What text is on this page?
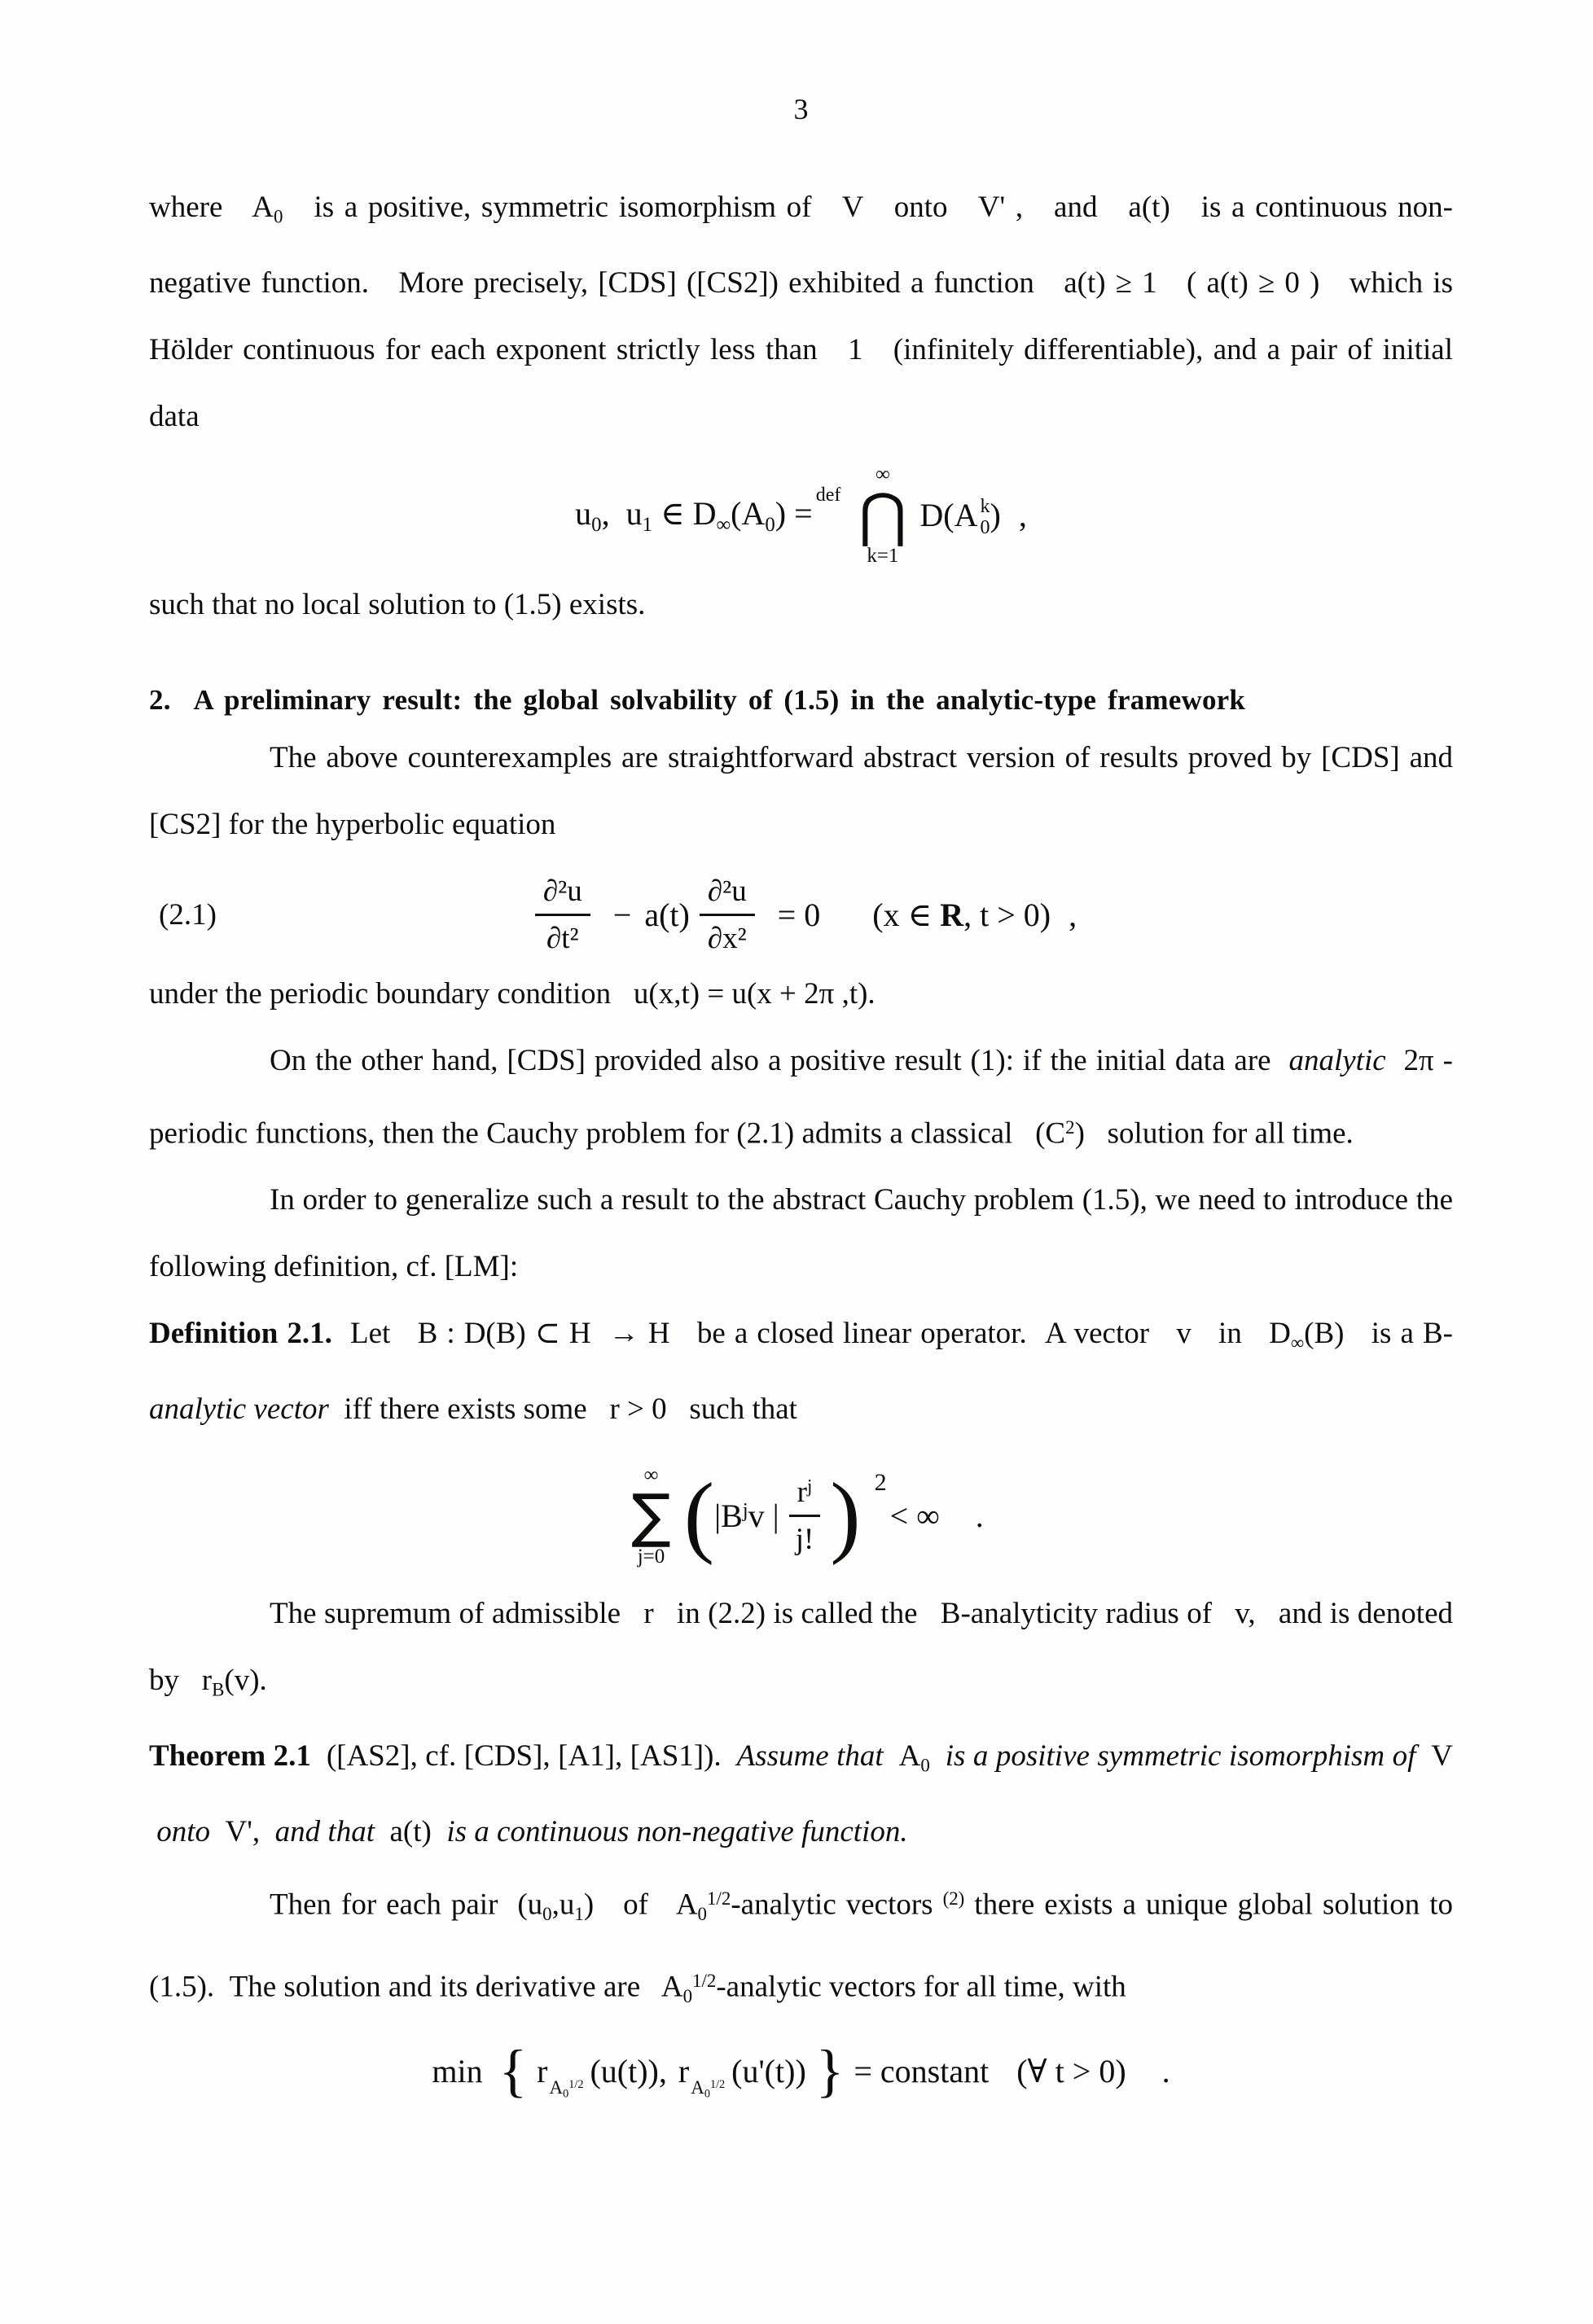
3

where   $A_0$   is a positive, symmetric isomorphism of   V   onto   V' ,   and   a(t)   is a continuous non-negative function.   More precisely, [CDS] ([CS2]) exhibited a function   a(t) ≥ 1   ( a(t) ≥ 0 )   which is Hölder continuous for each exponent strictly less than   1   (infinitely differentiable), and a pair of initial data

$u_0$,  $u_1$ ∈ $D_\infty(A_0)$ = def
∞
⋂
k=1
D(A k
0 ) ,

such that no local solution to (1.5) exists.

2.  A preliminary result: the global solvability of (1.5) in the analytic-type framework

The above counterexamples are straightforward abstract version of results proved by [CDS] and [CS2] for the hyperbolic equation

(2.1)	$\frac{\text{∂²u}}{\text{∂t²}} - a(t) \frac{\text{∂²u}}{\text{∂x²}} = 0$ (x ∈ R, t > 0) ,

under the periodic boundary condition   u(x,t) = u(x + 2π ,t).

On the other hand, [CDS] provided also a positive result (1): if the initial data are  analytic  2π -periodic functions, then the Cauchy problem for (2.1) admits a classical   $(C^2)$   solution for all time.

In order to generalize such a result to the abstract Cauchy problem (1.5), we need to introduce the following definition, cf. [LM]:

Definition 2.1.  Let   B : D(B) ⊂ H  → H   be a closed linear operator.  A vector   v   in   $D_\infty(B)$   is a B-analytic vector  iff there exists some   r > 0   such that

∞
∑
j=0 ( $|B^jv$ | $\frac{r^j}{j!}$ ) 2
< ∞ .

The supremum of admissible   r   in (2.2) is called the   B-analyticity radius of   v,   and is denoted by   $r_B(v)$.

Theorem 2.1  ([AS2], cf. [CDS], [A1], [AS1]).  Assume that  $A_0$ is a positive symmetric isomorphism of  V  onto  V',  and that  a(t)  is a continuous non-negative function.

Then for each pair  $(u_0,u_1)$   of   $A_0^{1/2}$-analytic vectors $^{(2)}$ there exists a unique global solution to (1.5).  The solution and its derivative are   $A_0^{1/2}$-analytic vectors for all time, with

min { r $A_0^{1/2}$ (u(t)), r $A_0^{1/2}$ (u'(t)) } = constant (∀ t > 0) .
